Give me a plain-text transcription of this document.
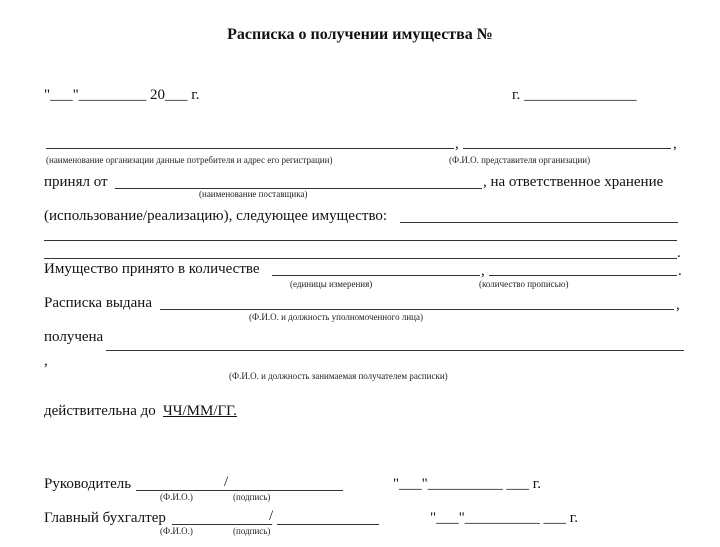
Расписка о получении имущества №
"___"_________ 20___ г.	г. _______________
,	,
(наименование организации данные потребителя и адрес его регистрации)	(Ф.И.О. представителя организации)
принял от	, на ответственное хранение
(наименование поставщика)
(использование/реализацию), следующее имущество:
.
Имущество принято в количестве	,	.
(единицы измерения)	(количество прописью)
Расписка выдана	,
(Ф.И.О. и должность уполномоченного лица)
получена
,
(Ф.И.О. и должность занимаемая получателем расписки)
действительна до ЧЧ/ММ/ГГ.
Руководитель	/
(Ф.И.О.)	(подпись)
"___"__________ ___ г.
Главный бухгалтер	/
(Ф.И.О.)	(подпись)
"___"__________ ___ г.
